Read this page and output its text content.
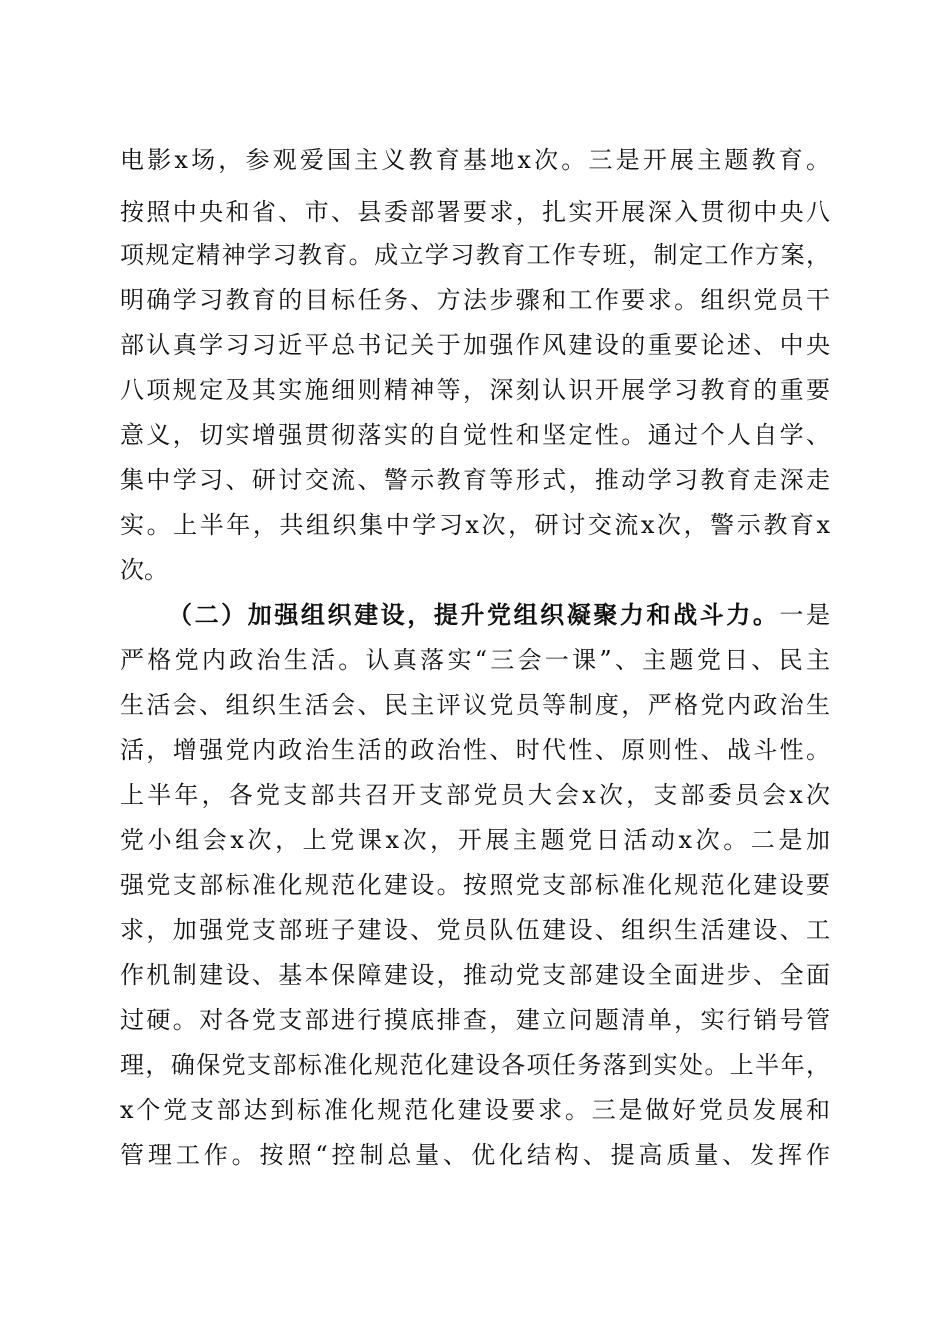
电影x场，参观爱国主义教育基地x次。三是开展主题教育。
按照中央和省、市、县委部署要求，扎实开展深入贯彻中央八
项规定精神学习教育。成立学习教育工作专班，制定工作方案，
明确学习教育的目标任务、方法步骤和工作要求。组织党员干
部认真学习习近平总书记关于加强作风建设的重要论述、中央
八项规定及其实施细则精神等，深刻认识开展学习教育的重要
意义，切实增强贯彻落实的自觉性和坚定性。通过个人自学、
集中学习、研讨交流、警示教育等形式，推动学习教育走深走
实。上半年，共组织集中学习x次，研讨交流x次，警示教育x
次。
（二）加强组织建设，提升党组织凝聚力和战斗力。一是
严格党内政治生活。认真落实“三会一课”、主题党日、民主
生活会、组织生活会、民主评议党员等制度，严格党内政治生
活，增强党内政治生活的政治性、时代性、原则性、战斗性。
上半年，各党支部共召开支部党员大会x次，支部委员会x次
党小组会x次，上党课x次，开展主题党日活动x次。二是加
强党支部标准化规范化建设。按照党支部标准化规范化建设要
求，加强党支部班子建设、党员队伍建设、组织生活建设、工
作机制建设、基本保障建设，推动党支部建设全面进步、全面
过硬。对各党支部进行摸底排查，建立问题清单，实行销号管
理，确保党支部标准化规范化建设各项任务落到实处。上半年，
x个党支部达到标准化规范化建设要求。三是做好党员发展和
管理工作。按照“控制总量、优化结构、提高质量、发挥作
